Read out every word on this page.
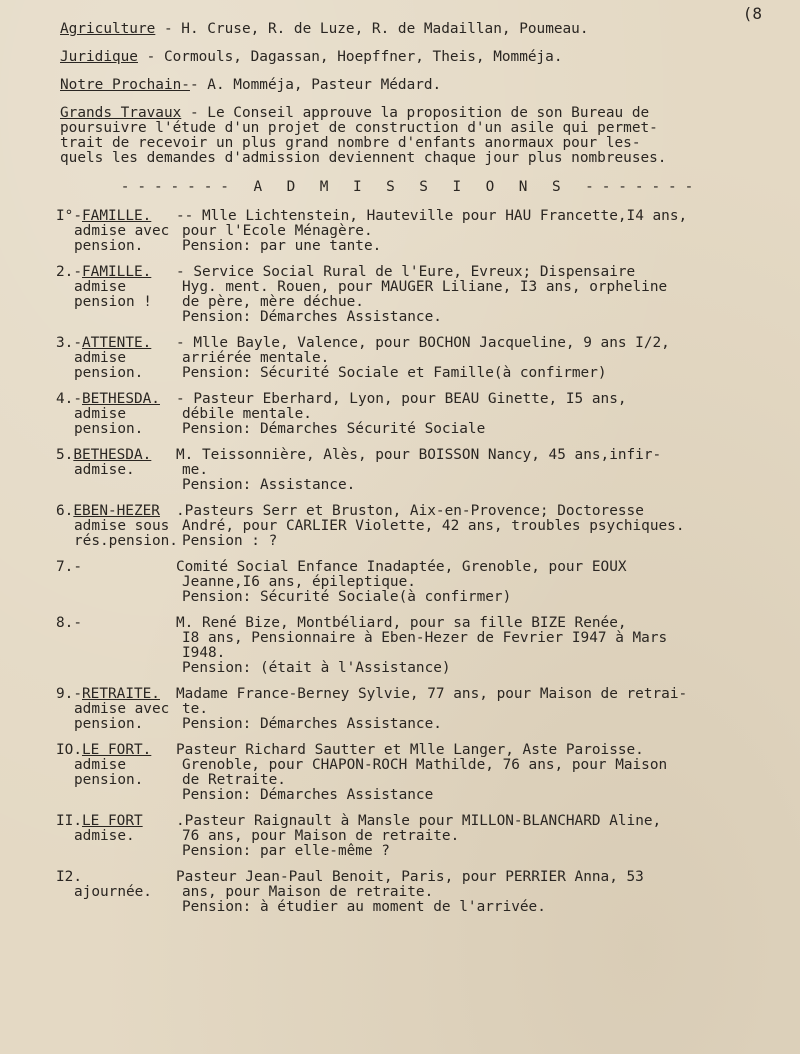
(8
Agriculture - H. Cruse, R. de Luze, R. de Madaillan, Poumeau.
Juridique - Cormouls, Dagassan, Hoepffner, Theis, Momméja.
Notre Prochain-- A. Momméja, Pasteur Médard.
Grands Travaux - Le Conseil approuve la proposition de son Bureau de
poursuivre l'étude d'un projet de construction d'un asile qui permet-
trait de recevoir un plus grand nombre d'enfants anormaux pour les-
quels les demandes d'admission deviennent chaque jour plus nombreuses.
------- A D M I S S I O N S -------
I°-FAMILLE.
admise avec
pension.
-- Mlle Lichtenstein, Hauteville pour HAU Francette,I4 ans,
pour l'Ecole Ménagère.
Pension: par une tante.
2.-FAMILLE.
admise
pension !
- Service Social Rural de l'Eure, Evreux; Dispensaire
Hyg. ment. Rouen, pour MAUGER Liliane, I3 ans, orpheline
de père, mère déchue.
Pension: Démarches Assistance.
3.-ATTENTE.
admise
pension.
- Mlle Bayle, Valence, pour BOCHON Jacqueline, 9 ans I/2,
arriérée mentale.
Pension: Sécurité Sociale et Famille(à confirmer)
4.-BETHESDA.
admise
pension.
- Pasteur Eberhard, Lyon, pour BEAU Ginette, I5 ans,
débile mentale.
Pension: Démarches Sécurité Sociale
5.BETHESDA.
admise.
M. Teissonnière, Alès, pour BOISSON Nancy, 45 ans,infir-
me.
Pension: Assistance.
6.EBEN-HEZER
admise sous
rés.pension.
.Pasteurs Serr et Bruston, Aix-en-Provence; Doctoresse
André, pour CARLIER Violette, 42 ans, troubles psychiques.
Pension : ?
7.-	Comité Social Enfance Inadaptée, Grenoble, pour EOUX
Jeanne,I6 ans, épileptique.
Pension: Sécurité Sociale(à confirmer)
8.-	M. René Bize, Montbéliard, pour sa fille BIZE Renée,
I8 ans, Pensionnaire à Eben-Hezer de Fevrier I947 à Mars
I948.
Pension: (était à l'Assistance)
9.-RETRAITE.
admise avec
pension.
Madame France-Berney Sylvie, 77 ans, pour Maison de retrai-
te.
Pension: Démarches Assistance.
IO.LE FORT.
admise
pension.
Pasteur Richard Sautter et Mlle Langer, Aste Paroisse.
Grenoble, pour CHAPON-ROCH Mathilde, 76 ans, pour Maison
de Retraite.
Pension: Démarches Assistance
II.LE FORT
admise.
.Pasteur Raignault à Mansle pour MILLON-BLANCHARD Aline,
76 ans, pour Maison de retraite.
Pension: par elle-même ?
I2.
ajournée.
Pasteur Jean-Paul Benoit, Paris, pour PERRIER Anna, 53
ans, pour Maison de retraite.
Pension: à étudier au moment de l'arrivée.
